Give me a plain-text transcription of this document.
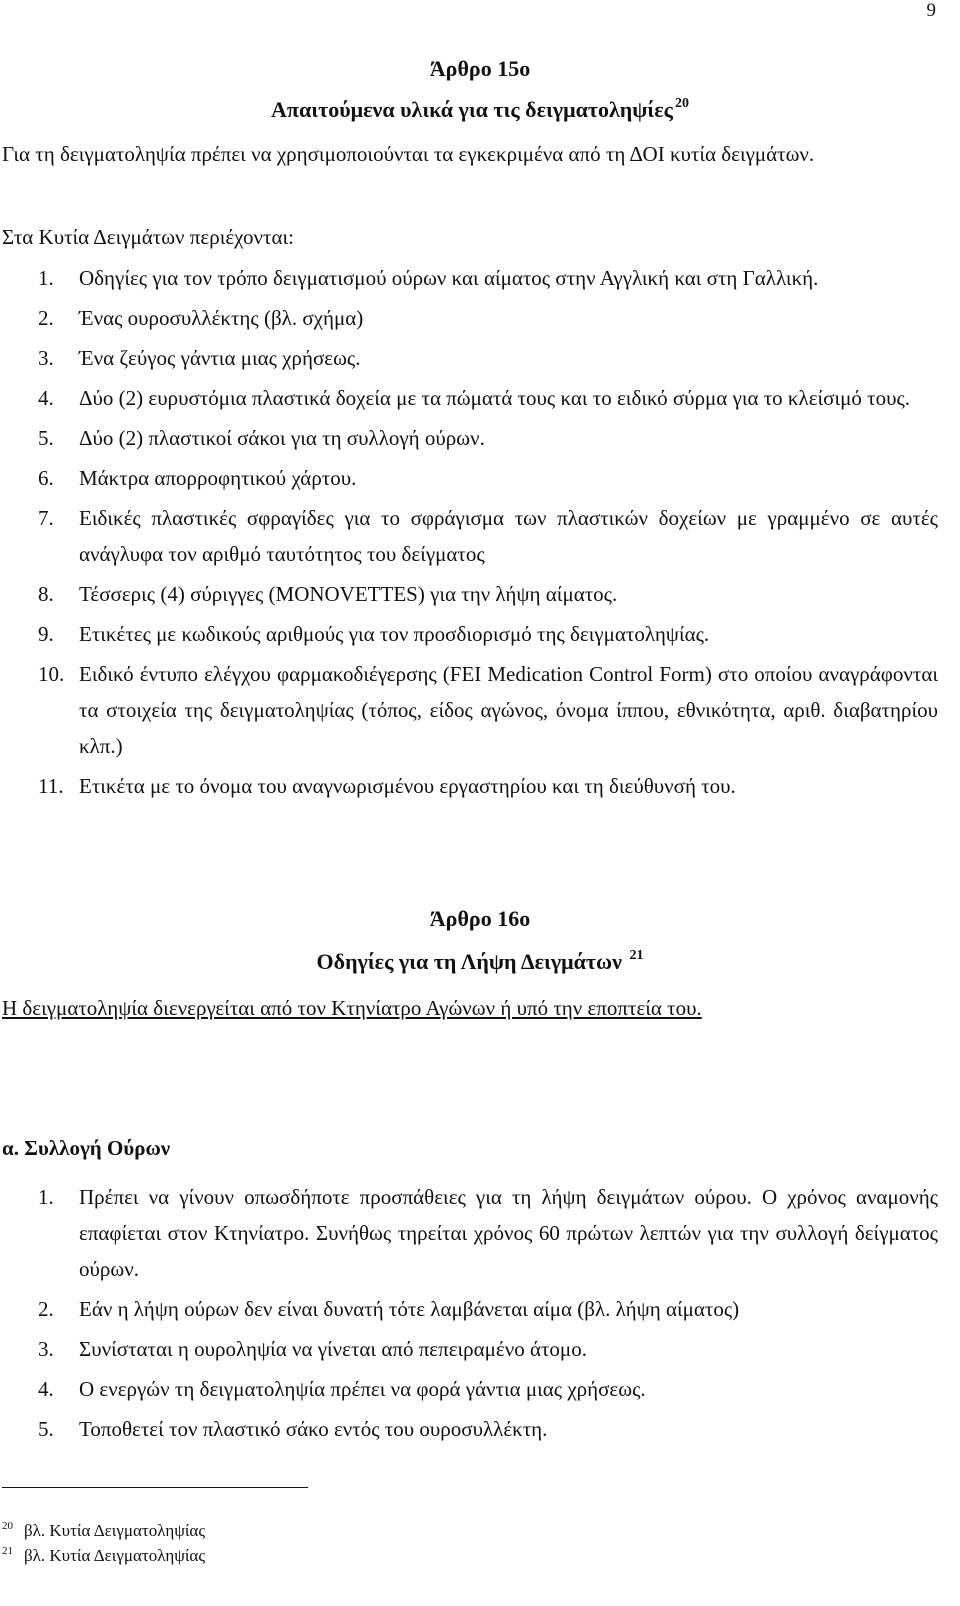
9
Άρθρο 15ο
Απαιτούμενα υλικά για τις δειγματοληψίες $^{20}$

Για τη δειγματοληψία πρέπει να χρησιμοποιούνται τα εγκεκριμένα από τη ΔΟΙ κυτία δειγμάτων.

Στα Κυτία Δειγμάτων περιέχονται:

1. Οδηγίες για τον τρόπο δειγματισμού ούρων και αίματος στην Αγγλική και στη Γαλλική.
2. Ένας ουροσυλλέκτης (βλ. σχήμα)
3. Ένα ζεύγος γάντια μιας χρήσεως.
4. Δύο (2) ευρυστόμια πλαστικά δοχεία με τα πώματά τους και το ειδικό σύρμα για το κλείσιμό τους.
5. Δύο (2) πλαστικοί σάκοι για τη συλλογή ούρων.
6. Μάκτρα απορροφητικού χάρτου.
7. Ειδικές πλαστικές σφραγίδες για το σφράγισμα των πλαστικών δοχείων με γραμμένο σε αυτές ανάγλυφα τον αριθμό ταυτότητος του δείγματος
8. Τέσσερις (4) σύριγγες (MONOVETTES) για την λήψη αίματος.
9. Ετικέτες με κωδικούς αριθμούς για τον προσδιορισμό της δειγματοληψίας.
10. Ειδικό έντυπο ελέγχου φαρμακοδιέγερσης (FEI Medication Control Form) στο οποίου αναγράφονται τα στοιχεία της δειγματοληψίας (τόπος, είδος αγώνος, όνομα ίππου, εθνικότητα, αριθ. διαβατηρίου κλπ.)
11. Ετικέτα με το όνομα του αναγνωρισμένου εργαστηρίου και τη διεύθυνσή του.
Άρθρο 16ο
Οδηγίες για τη Λήψη Δειγμάτων $^{21}$

Η δειγματοληψία διενεργείται από τον Κτηνίατρο Αγώνων ή υπό την εποπτεία του.

α. Συλλογή Ούρων

1. Πρέπει να γίνουν οπωσδήποτε προσπάθειες για τη λήψη δειγμάτων ούρου. Ο χρόνος αναμονής επαφίεται στον Κτηνίατρο. Συνήθως τηρείται χρόνος 60 πρώτων λεπτών για την συλλογή δείγματος ούρων.
2. Εάν η λήψη ούρων δεν είναι δυνατή τότε λαμβάνεται αίμα (βλ. λήψη αίματος)
3. Συνίσταται η ουροληψία να γίνεται από πεπειραμένο άτομο.
4. Ο ενεργών τη δειγματοληψία πρέπει να φορά γάντια μιας χρήσεως.
5. Τοποθετεί τον πλαστικό σάκο εντός του ουροσυλλέκτη.
$^{20}$ βλ. Κυτία Δειγματοληψίας
$^{21}$ βλ. Κυτία Δειγματοληψίας
